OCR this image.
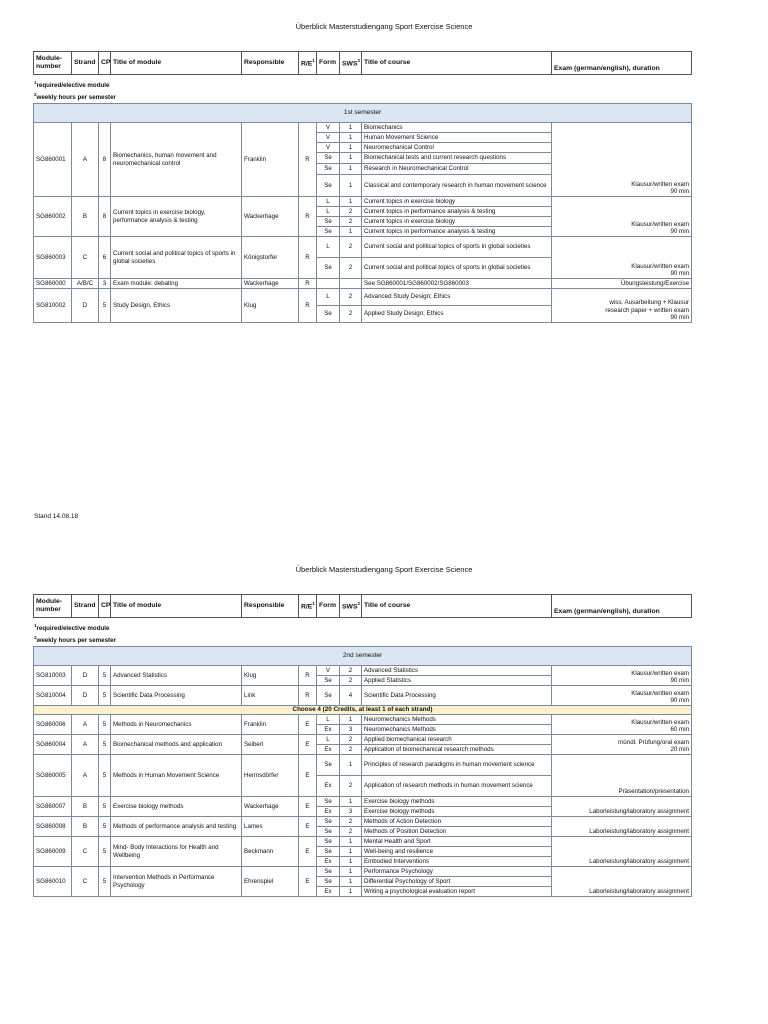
Überblick Masterstudiengang Sport Exercise Science
Module-number	Strand	CP	Title of module	Responsible	$R/E^1$	Form	SWS$^2$	Title of course	Exam (german/english), duration
$^1$required/elective module
$^2$weekly hours per semester
1st semester									
SG860001	A	8	Biomechanics, human movement and neuromechanical control	Franklin	R	V	1	Biomechanics	Klausur/written exam
90 min

						V	1	Human Movement Science	
						V	1	Neuromechanical Control	
						Se	1	Biomechanical tests and current research questions	
						Se	1	Research in Neuromechanical Control	
						Se	1	Classical and contemporary research in human movement science	
SG860002	B	8	Current topics in exercise biology, performance analysis & testing	Wackerhage	R	L	1	Current topics in exercise biology	Klausur/written exam
90 min

						L	2	Current topics in performance analysis & testing	
						Se	2	Current topics in exercise biology	
						Se	1	Current topics in performance analysis & testing	
SG860003	C	6	Current social and political topics of sports in global societies	Königstorfer	R	L	2	Current social and political topics of sports in global societies	Klausur/written exam
90 min

						Se	2	Current social and political topics of sports in global societies	
SG860000	A/B/C	3	Exam module: debating	Wackerhage	R			See SG860001/SG860002/SG860003	Übungsleistung/Exercise

SG810002	D	5	Study Design, Ethics	Klug	R	L	2	Advanced Study Design; Ethics	wiss. Ausarbeitung + Klausur
research paper + written exam
90 min

						Se	2	Applied Study Design; Ethics	
Stand 14.08.18
Überblick Masterstudiengang Sport Exercise Science
Module-number	Strand	CP	Title of module	Responsible	$R/E^1$	Form	SWS$^2$	Title of course	Exam (german/english), duration
$^1$required/elective module
$^2$weekly hours per semester
2nd semester									
SG810003	D	5	Advanced Statistics	Klug	R	V	2	Advanced Statistics	Klausur/written exam
90 min

						Se	2	Applied Statistics	
SG810004	D	5	Scientific Data Processing	Link	R	Se	4	Scientific Data Processing	Klausur/written exam
90 min

Choose 4 (20 Credits, at least 1 of each strand)									
SG860006	A	5	Methods in Neuromechanics	Franklin	E	L	1	Neuromechanics Methods	Klausur/written exam
60 min

						Ex	3	Neuromechanics Methods	
SG860004	A	5	Biomechanical methods and application	Seiberl	E	L	2	Applied biomechanical research	mündl. Prüfung/oral exam
20 min

						Ex	2	Application of biomechanical research methods	
SG860005	A	5	Methods in Human Movement Science	Hermsdörfer	E	Se	1	Principles of research paradigms in human movement science	Präsentation/presentation

						Ex	2	Application of research methods in human movement science	
SG860007	B	5	Exercise biology methods	Wackerhage	E	Se	1	Exercise biology methods	Laborleistung/laboratory assignment

						Ex	3	Exercise biology methods	
SG860008	B	5	Methods of performance analysis and testing	Lames	E	Se	2	Methods of Action Detection	Laborleistung/laboratory assignment

						Se	2	Methods of Position Detection	
SG860009	C	5	Mind- Body Interactions for Health and Wellbeing	Beckmann	E	Se	1	Mental Health and Sport	Laborleistung/laboratory assignment

						Se	1	Well-being and resilience	
						Ex	1	Embodied Interventions	
SG860010	C	5	Intervention Methods in Performance Psychology	Ehrenspiel	E	Se	1	Performance Psychology	Laborleistung/laboratory assignment

						Se	1	Differential Psychology of Sport	
						Ex	1	Writing a psychological evaluation report	
